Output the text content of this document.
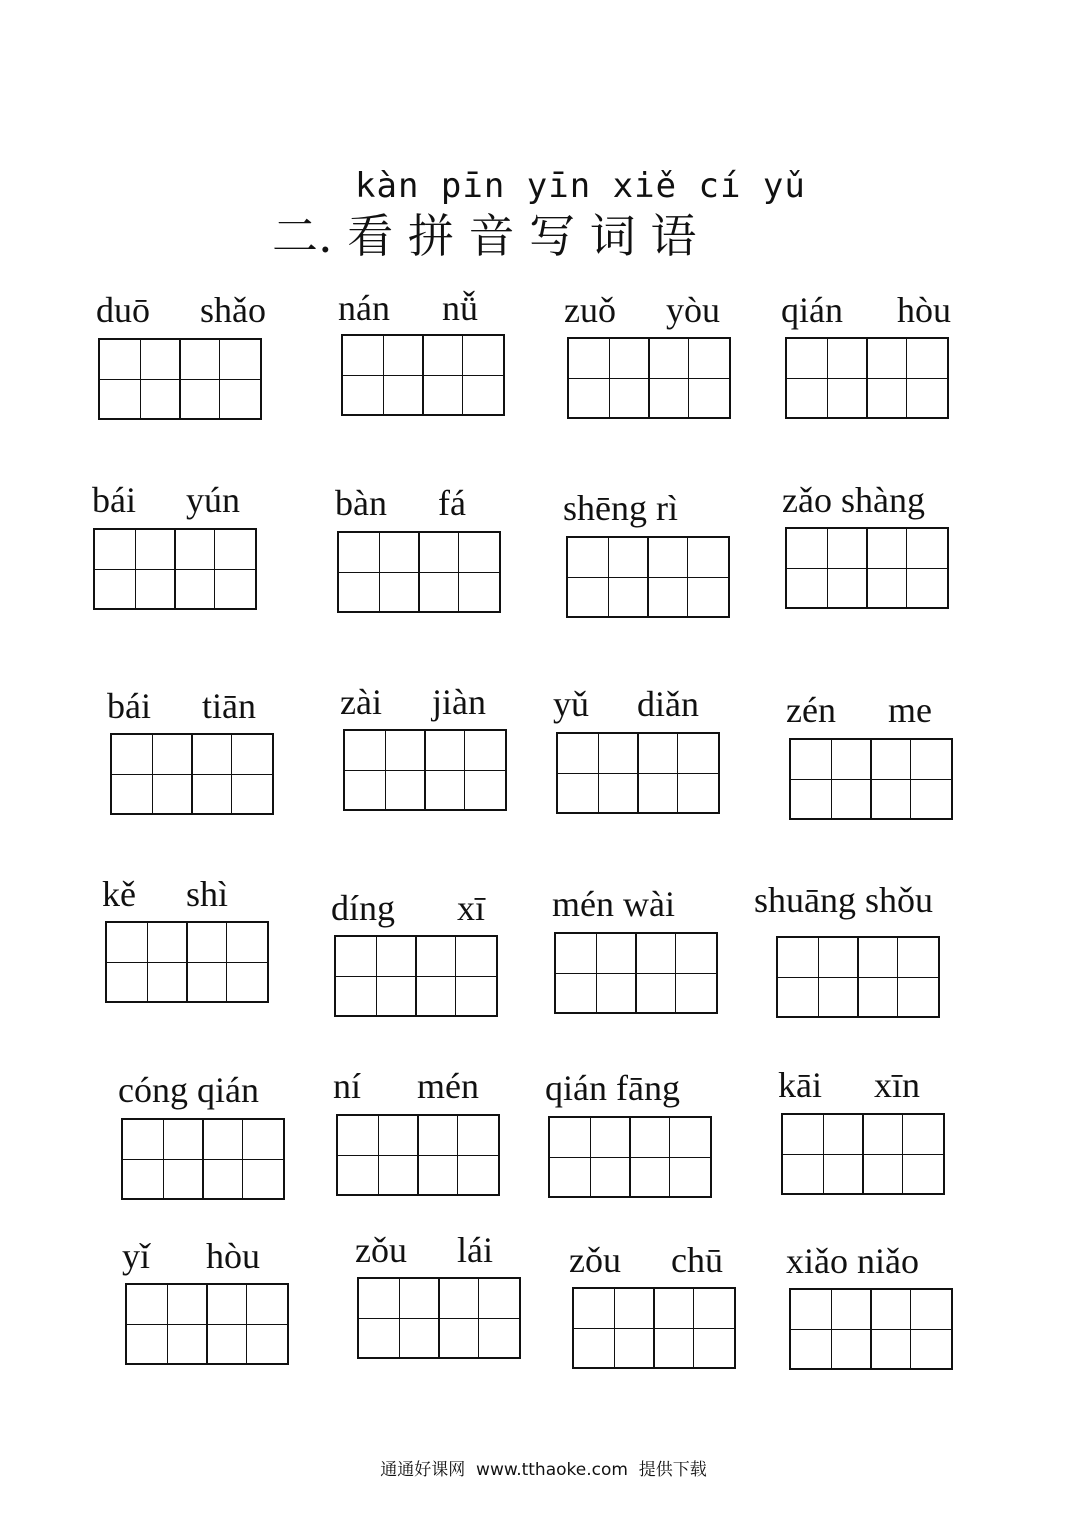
kàn pīn yīn xiě cí yǔ
二. 看 拼 音 写 词 语
duō shǎo nán nǚ zuǒ yòu qián hòu
bái yún	bàn fá	shēng rì	zǎo shàng
bái tiān zài jiàn yǔ diǎn zén me
kě shì	díng xī mén wài shuāng shǒu
cóng qián ní mén qián fāng	kāi xīn
yǐ hòu	zǒu lái zǒu chū xiǎo niǎo
通通好课网  www.tthaoke.com  提供下载
